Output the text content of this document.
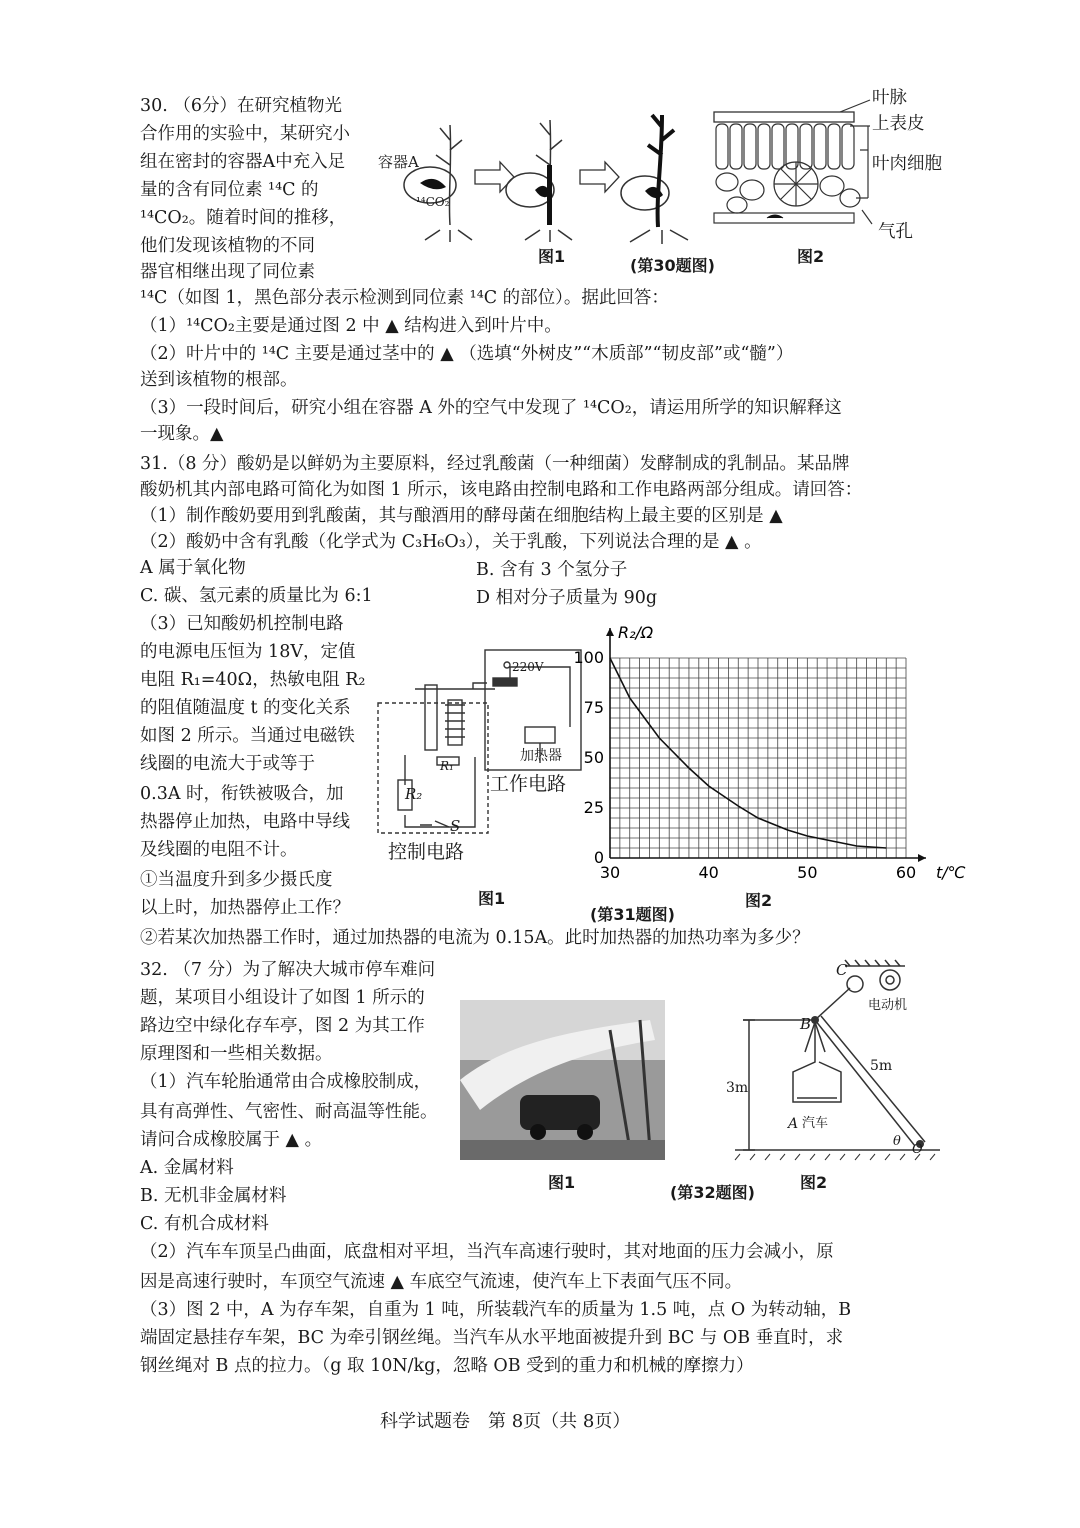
30. （6分）在研究植物光
合作用的实验中，某研究小
组在密封的容器A中充入足
量的含有同位素 ¹⁴C 的
¹⁴CO₂。随着时间的推移，
他们发现该植物的不同
器官相继出现了同位素
容器A
¹⁴CO₂
图1	(第30题图)
叶脉
上表皮
叶肉细胞
气孔
图2
¹⁴C（如图 1，黑色部分表示检测到同位素 ¹⁴C 的部位）。据此回答：
（1）¹⁴CO₂主要是通过图 2 中 ▲ 结构进入到叶片中。
（2）叶片中的 ¹⁴C 主要是通过茎中的 ▲ （选填“外树皮”“木质部”“韧皮部”或“髓”）
送到该植物的根部。
（3）一段时间后，研究小组在容器 A 外的空气中发现了 ¹⁴CO₂，请运用所学的知识解释这
一现象。▲
31.（8 分）酸奶是以鲜奶为主要原料，经过乳酸菌（一种细菌）发酵制成的乳制品。某品牌
酸奶机其内部电路可简化为如图 1 所示，该电路由控制电路和工作电路两部分组成。请回答：
（1）制作酸奶要用到乳酸菌，其与酿酒用的酵母菌在细胞结构上最主要的区别是 ▲
（2）酸奶中含有乳酸（化学式为 C₃H₆O₃），关于乳酸，下列说法合理的是 ▲ 。
A 属于氧化物	B. 含有 3 个氢分子
C. 碳、氢元素的质量比为 6:1	D 相对分子质量为 90g
（3）已知酸奶机控制电路
的电源电压恒为 18V，定值
电阻 R₁=40Ω，热敏电阻 R₂
的阻值随温度 t 的变化关系
如图 2 所示。当通过电磁铁
线圈的电流大于或等于
0.3A 时，衔铁被吸合，加
热器停止加热，电路中导线
及线圈的电阻不计。
①当温度升到多少摄氏度
以上时，加热器停止工作？
220V
加热器
工作电路
R₂
R₁
S
控制电路
图1
(第31题图)
图2
30	40	50	60
0
25
50
75
100
t/℃
R₂/Ω
②若某次加热器工作时，通过加热器的电流为 0.15A。此时加热器的加热功率为多少？
32. （7 分）为了解决大城市停车难问
题，某项目小组设计了如图 1 所示的
路边空中绿化存车亭，图 2 为其工作
原理图和一些相关数据。
（1）汽车轮胎通常由合成橡胶制成，
具有高弹性、气密性、耐高温等性能。
请问合成橡胶属于 ▲ 。
A. 金属材料
B. 无机非金属材料
C. 有机合成材料
图1
(第32题图)
C
电动机
B
3m
5m
A 汽车
O
θ
图2
（2）汽车车顶呈凸曲面，底盘相对平坦，当汽车高速行驶时，其对地面的压力会减小，原
因是高速行驶时，车顶空气流速 ▲ 车底空气流速，使汽车上下表面气压不同。
（3）图 2 中，A 为存车架，自重为 1 吨，所装载汽车的质量为 1.5 吨，点 O 为转动轴，B
端固定悬挂存车架，BC 为牵引钢丝绳。当汽车从水平地面被提升到 BC 与 OB 垂直时，求
钢丝绳对 B 点的拉力。（g 取 10N/kg，忽略 OB 受到的重力和机械的摩擦力）
科学试题卷　第 8页（共 8页）
